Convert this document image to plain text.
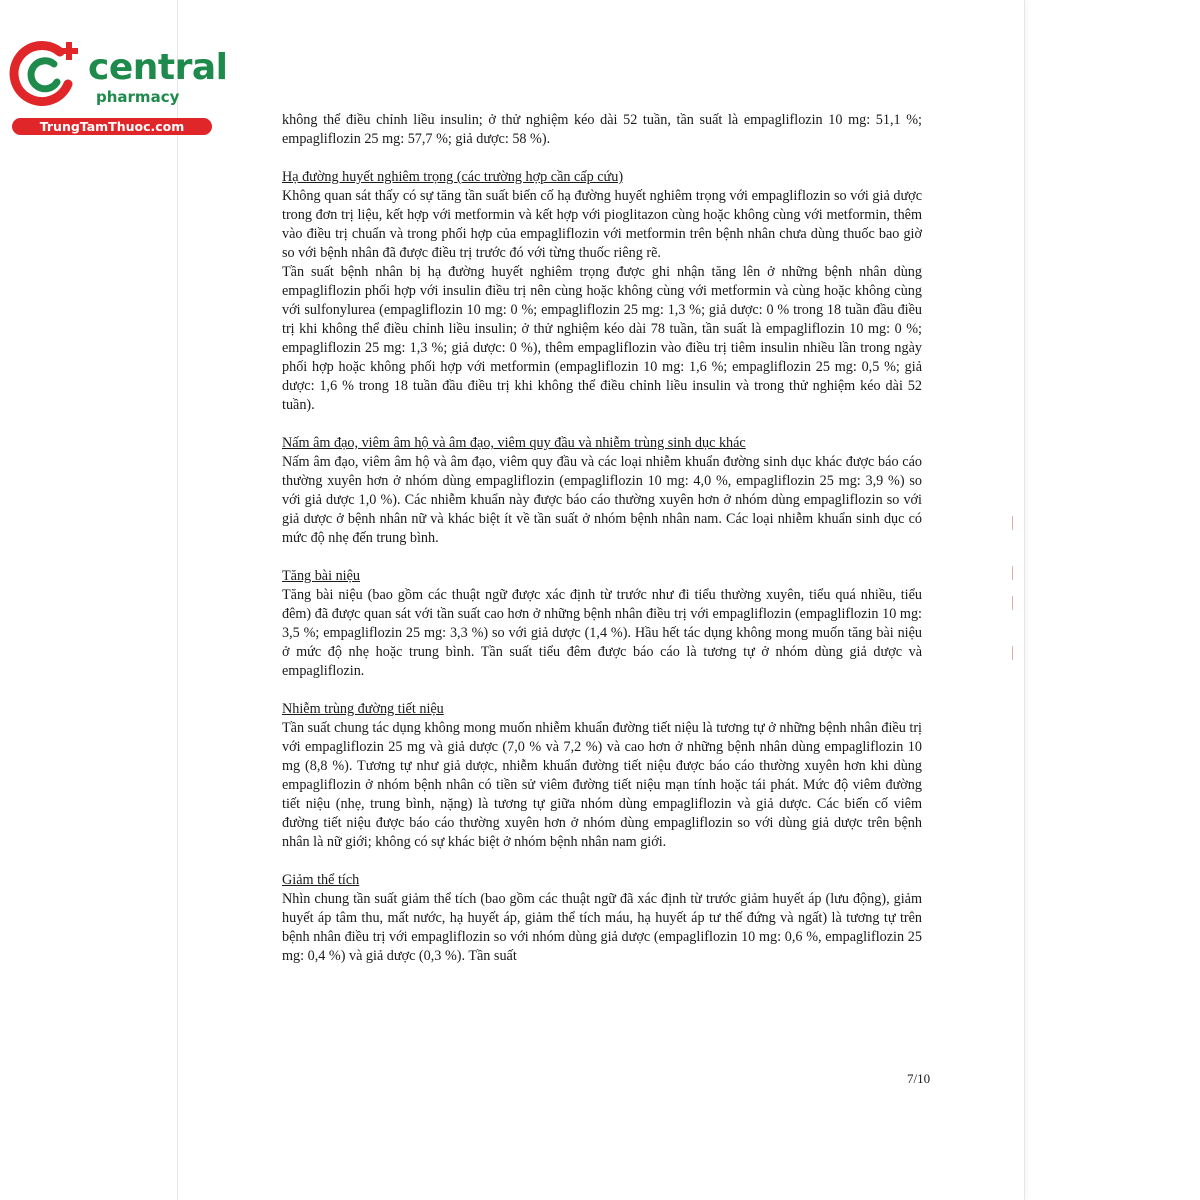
central
pharmacy
TrungTamThuoc.com	không thể điều chỉnh liều insulin; ở thử nghiệm kéo dài 52 tuần, tần suất là empagliflozin 10 mg: 51,1 %; empagliflozin 25 mg: 57,7 %; giả dược: 58 %).

Hạ đường huyết nghiêm trọng (các trường hợp cần cấp cứu)

Không quan sát thấy có sự tăng tần suất biến cố hạ đường huyết nghiêm trọng với empagliflozin so với giả dược trong đơn trị liệu, kết hợp với metformin và kết hợp với pioglitazon cùng hoặc không cùng với metformin, thêm vào điều trị chuẩn và trong phối hợp của empagliflozin với metformin trên bệnh nhân chưa dùng thuốc bao giờ so với bệnh nhân đã được điều trị trước đó với từng thuốc riêng rẽ.

Tần suất bệnh nhân bị hạ đường huyết nghiêm trọng được ghi nhận tăng lên ở những bệnh nhân dùng empagliflozin phối hợp với insulin điều trị nên cùng hoặc không cùng với metformin và cùng hoặc không cùng với sulfonylurea (empagliflozin 10 mg: 0 %; empagliflozin 25 mg: 1,3 %; giả dược: 0 % trong 18 tuần đầu điều trị khi không thể điều chỉnh liều insulin; ở thử nghiệm kéo dài 78 tuần, tần suất là empagliflozin 10 mg: 0 %; empagliflozin 25 mg: 1,3 %; giả dược: 0 %), thêm empagliflozin vào điều trị tiêm insulin nhiều lần trong ngày phối hợp hoặc không phối hợp với metformin (empagliflozin 10 mg: 1,6 %; empagliflozin 25 mg: 0,5 %; giả dược: 1,6 % trong 18 tuần đầu điều trị khi không thể điều chỉnh liều insulin và trong thử nghiệm kéo dài 52 tuần).

Nấm âm đạo, viêm âm hộ và âm đạo, viêm quy đầu và nhiễm trùng sinh dục khác

Nấm âm đạo, viêm âm hộ và âm đạo, viêm quy đầu và các loại nhiễm khuẩn đường sinh dục khác được báo cáo thường xuyên hơn ở nhóm dùng empagliflozin (empagliflozin 10 mg: 4,0 %, empagliflozin 25 mg: 3,9 %) so với giả dược 1,0 %). Các nhiễm khuẩn này được báo cáo thường xuyên hơn ở nhóm dùng empagliflozin so với giả dược ở bệnh nhân nữ và khác biệt ít về tần suất ở nhóm bệnh nhân nam. Các loại nhiễm khuẩn sinh dục có mức độ nhẹ đến trung bình.

Tăng bài niệu

Tăng bài niệu (bao gồm các thuật ngữ được xác định từ trước như đi tiểu thường xuyên, tiểu quá nhiều, tiểu đêm) đã được quan sát với tần suất cao hơn ở những bệnh nhân điều trị với empagliflozin (empagliflozin 10 mg: 3,5 %; empagliflozin 25 mg: 3,3 %) so với giả dược (1,4 %). Hầu hết tác dụng không mong muốn tăng bài niệu ở mức độ nhẹ hoặc trung bình. Tần suất tiểu đêm được báo cáo là tương tự ở nhóm dùng giả dược và empagliflozin.

Nhiễm trùng đường tiết niệu

Tần suất chung tác dụng không mong muốn nhiễm khuẩn đường tiết niệu là tương tự ở những bệnh nhân điều trị với empagliflozin 25 mg và giả dược (7,0 % và 7,2 %) và cao hơn ở những bệnh nhân dùng empagliflozin 10 mg (8,8 %). Tương tự như giả dược, nhiễm khuẩn đường tiết niệu được báo cáo thường xuyên hơn khi dùng empagliflozin ở nhóm bệnh nhân có tiền sử viêm đường tiết niệu mạn tính hoặc tái phát. Mức độ viêm đường tiết niệu (nhẹ, trung bình, nặng) là tương tự giữa nhóm dùng empagliflozin và giả dược. Các biến cố viêm đường tiết niệu được báo cáo thường xuyên hơn ở nhóm dùng empagliflozin so với dùng giả dược trên bệnh nhân là nữ giới; không có sự khác biệt ở nhóm bệnh nhân nam giới.

Giảm thể tích

Nhìn chung tần suất giảm thể tích (bao gồm các thuật ngữ đã xác định từ trước giảm huyết áp (lưu động), giảm huyết áp tâm thu, mất nước, hạ huyết áp, giảm thể tích máu, hạ huyết áp tư thế đứng và ngất) là tương tự trên bệnh nhân điều trị với empagliflozin so với nhóm dùng giả dược (empagliflozin 10 mg: 0,6 %, empagliflozin 25 mg: 0,4 %) và giả dược (0,3 %). Tần suất

7/10
